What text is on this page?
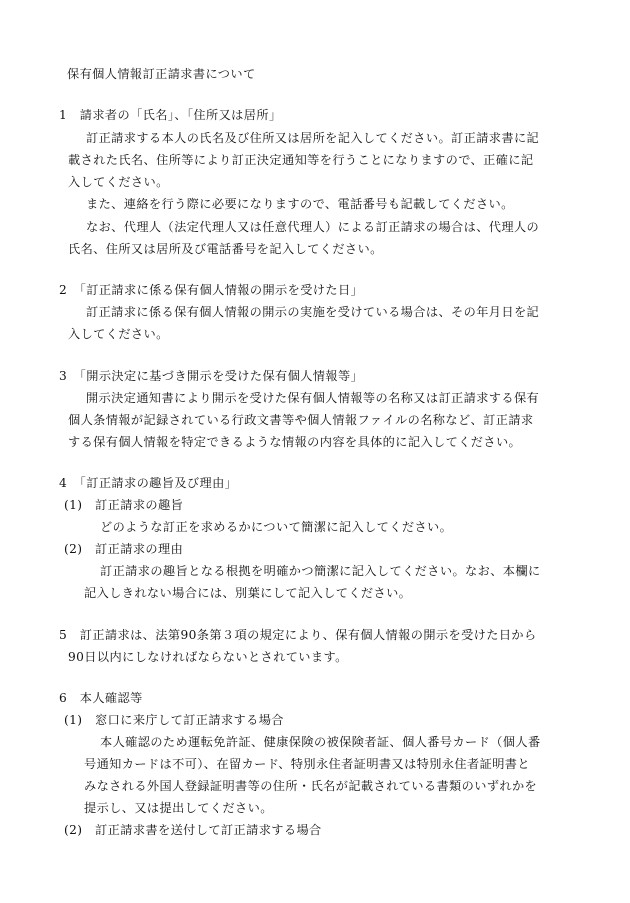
保有個人情報訂正請求書について
1　請求者の「氏名」、「住所又は居所」
訂正請求する本人の氏名及び住所又は居所を記入してください。訂正請求書に記
載された氏名、住所等により訂正決定通知等を行うことになりますので、正確に記
入してください。
また、連絡を行う際に必要になりますので、電話番号も記載してください。
なお、代理人（法定代理人又は任意代理人）による訂正請求の場合は、代理人の
氏名、住所又は居所及び電話番号を記入してください。
2　「訂正請求に係る保有個人情報の開示を受けた日」
訂正請求に係る保有個人情報の開示の実施を受けている場合は、その年月日を記
入してください。
3　「開示決定に基づき開示を受けた保有個人情報等」
開示決定通知書により開示を受けた保有個人情報等の名称又は訂正請求する保有
個人条情報が記録されている行政文書等や個人情報ファイルの名称など、訂正請求
する保有個人情報を特定できるような情報の内容を具体的に記入してください。
4　「訂正請求の趣旨及び理由」
(1)　訂正請求の趣旨
どのような訂正を求めるかについて簡潔に記入してください。
(2)　訂正請求の理由
訂正請求の趣旨となる根拠を明確かつ簡潔に記入してください。なお、本欄に
記入しきれない場合には、別葉にして記入してください。
5　訂正請求は、法第90条第３項の規定により、保有個人情報の開示を受けた日から
90日以内にしなければならないとされています。
6　本人確認等
(1)　窓口に来庁して訂正請求する場合
本人確認のため運転免許証、健康保険の被保険者証、個人番号カード（個人番
号通知カードは不可）、在留カード、特別永住者証明書又は特別永住者証明書と
みなされる外国人登録証明書等の住所・氏名が記載されている書類のいずれかを
提示し、又は提出してください。
(2)　訂正請求書を送付して訂正請求する場合
